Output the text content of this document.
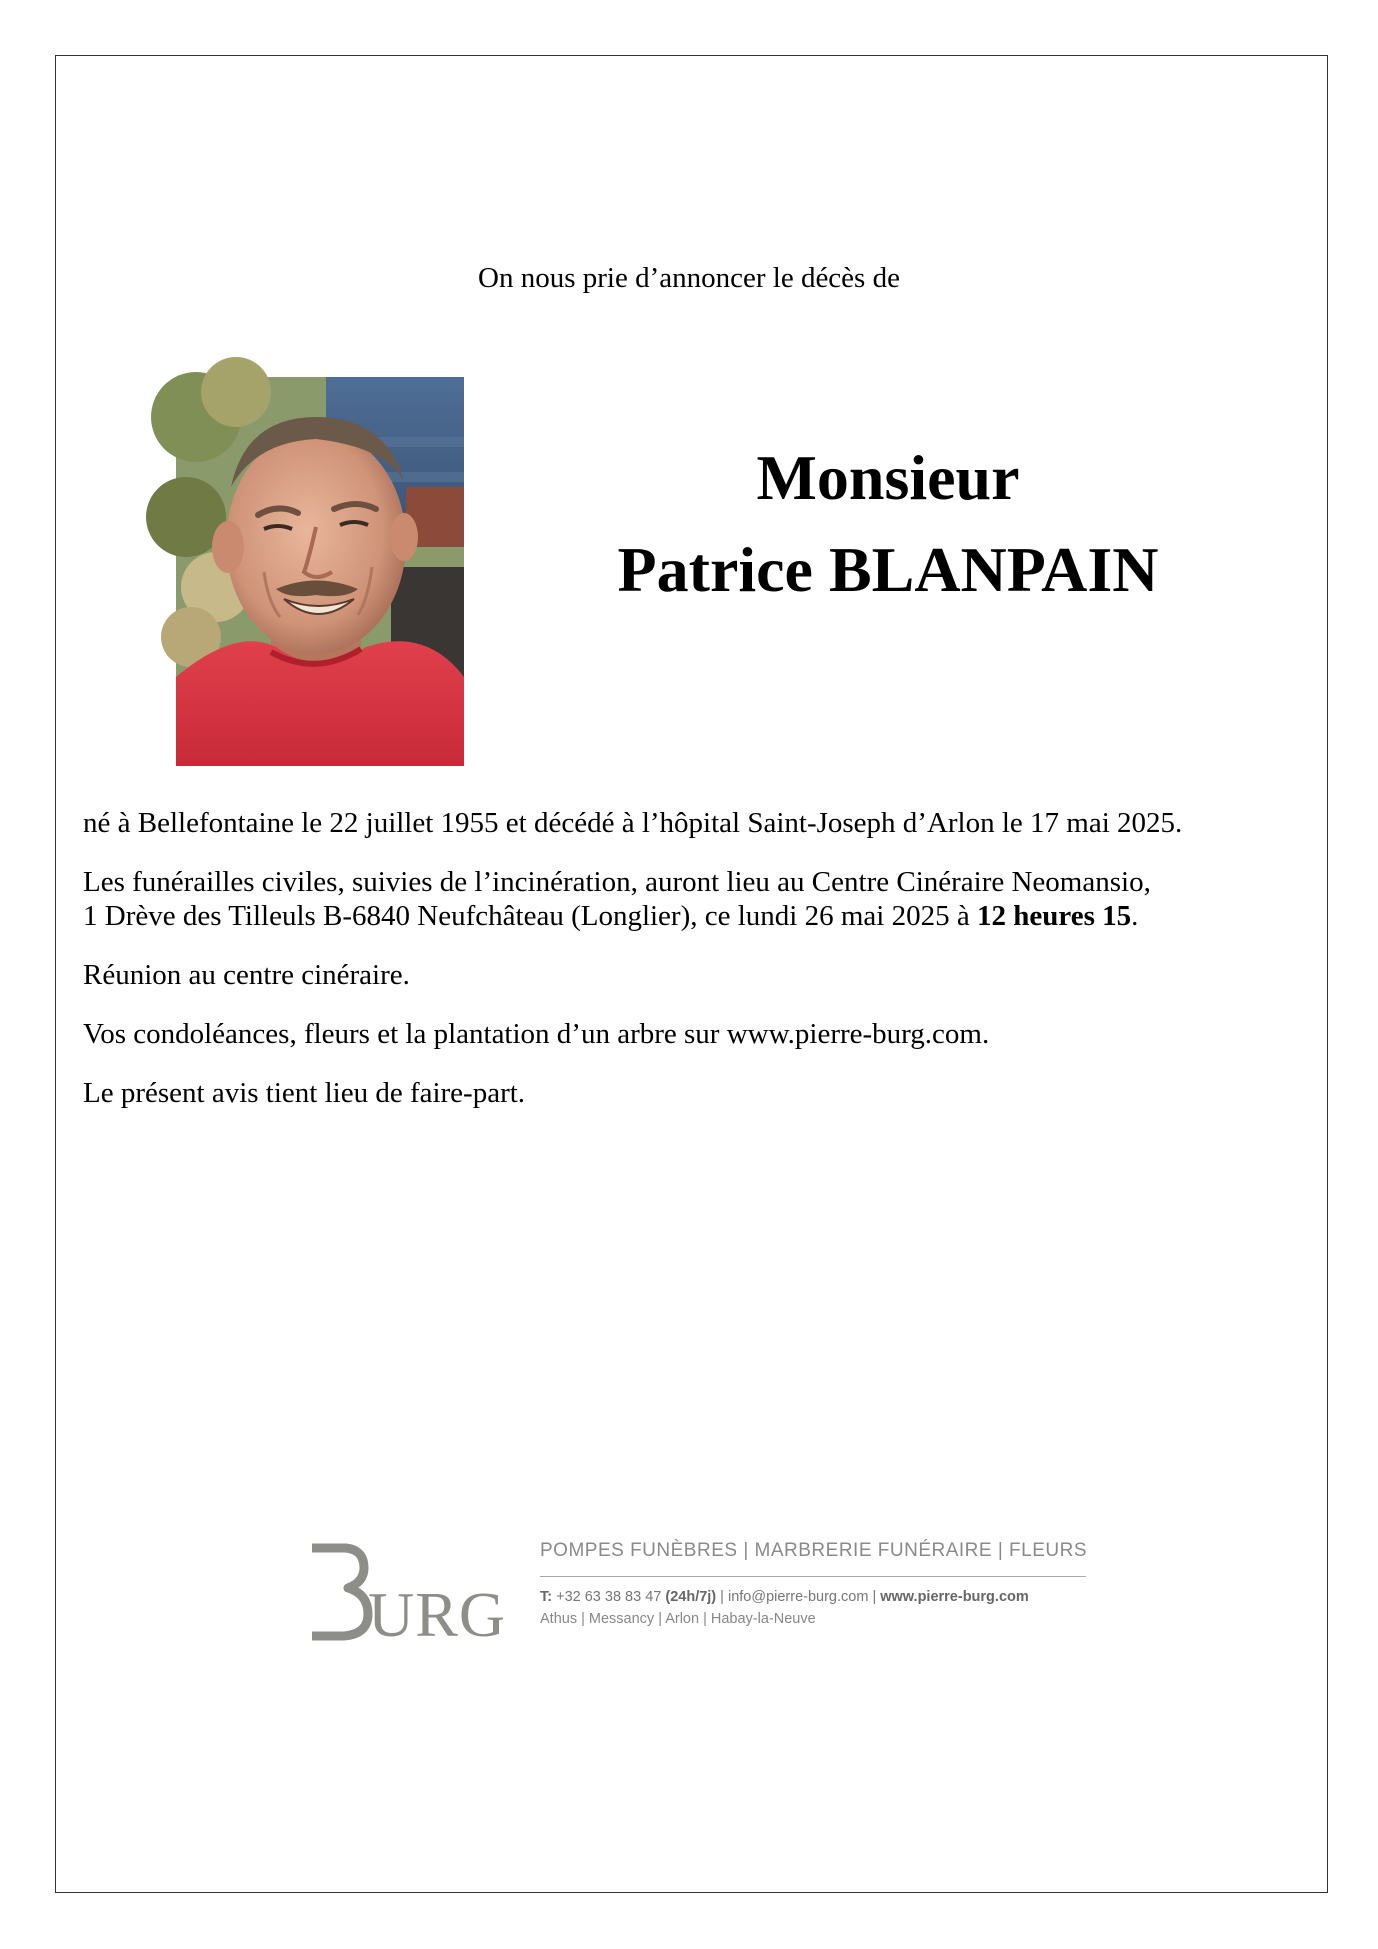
On nous prie d’annoncer le décès de
Monsieur
Patrice BLANPAIN

né à Bellefontaine le 22 juillet 1955 et décédé à l’hôpital Saint-Joseph d’Arlon le 17 mai 2025.

Les funérailles civiles, suivies de l’incinération, auront lieu au Centre Cinéraire Neomansio,
1 Drève des Tilleuls B-6840 Neufchâteau (Longlier), ce lundi 26 mai 2025 à 12 heures 15.

Réunion au centre cinéraire.

Vos condoléances, fleurs et la plantation d’un arbre sur www.pierre-burg.com.

Le présent avis tient lieu de faire-part.

URG
POMPES FUNÈBRES | MARBRERIE FUNÉRAIRE | FLEURS
T: +32 63 38 83 47 (24h/7j) | info@pierre-burg.com | www.pierre-burg.com
Athus | Messancy | Arlon | Habay-la-Neuve
